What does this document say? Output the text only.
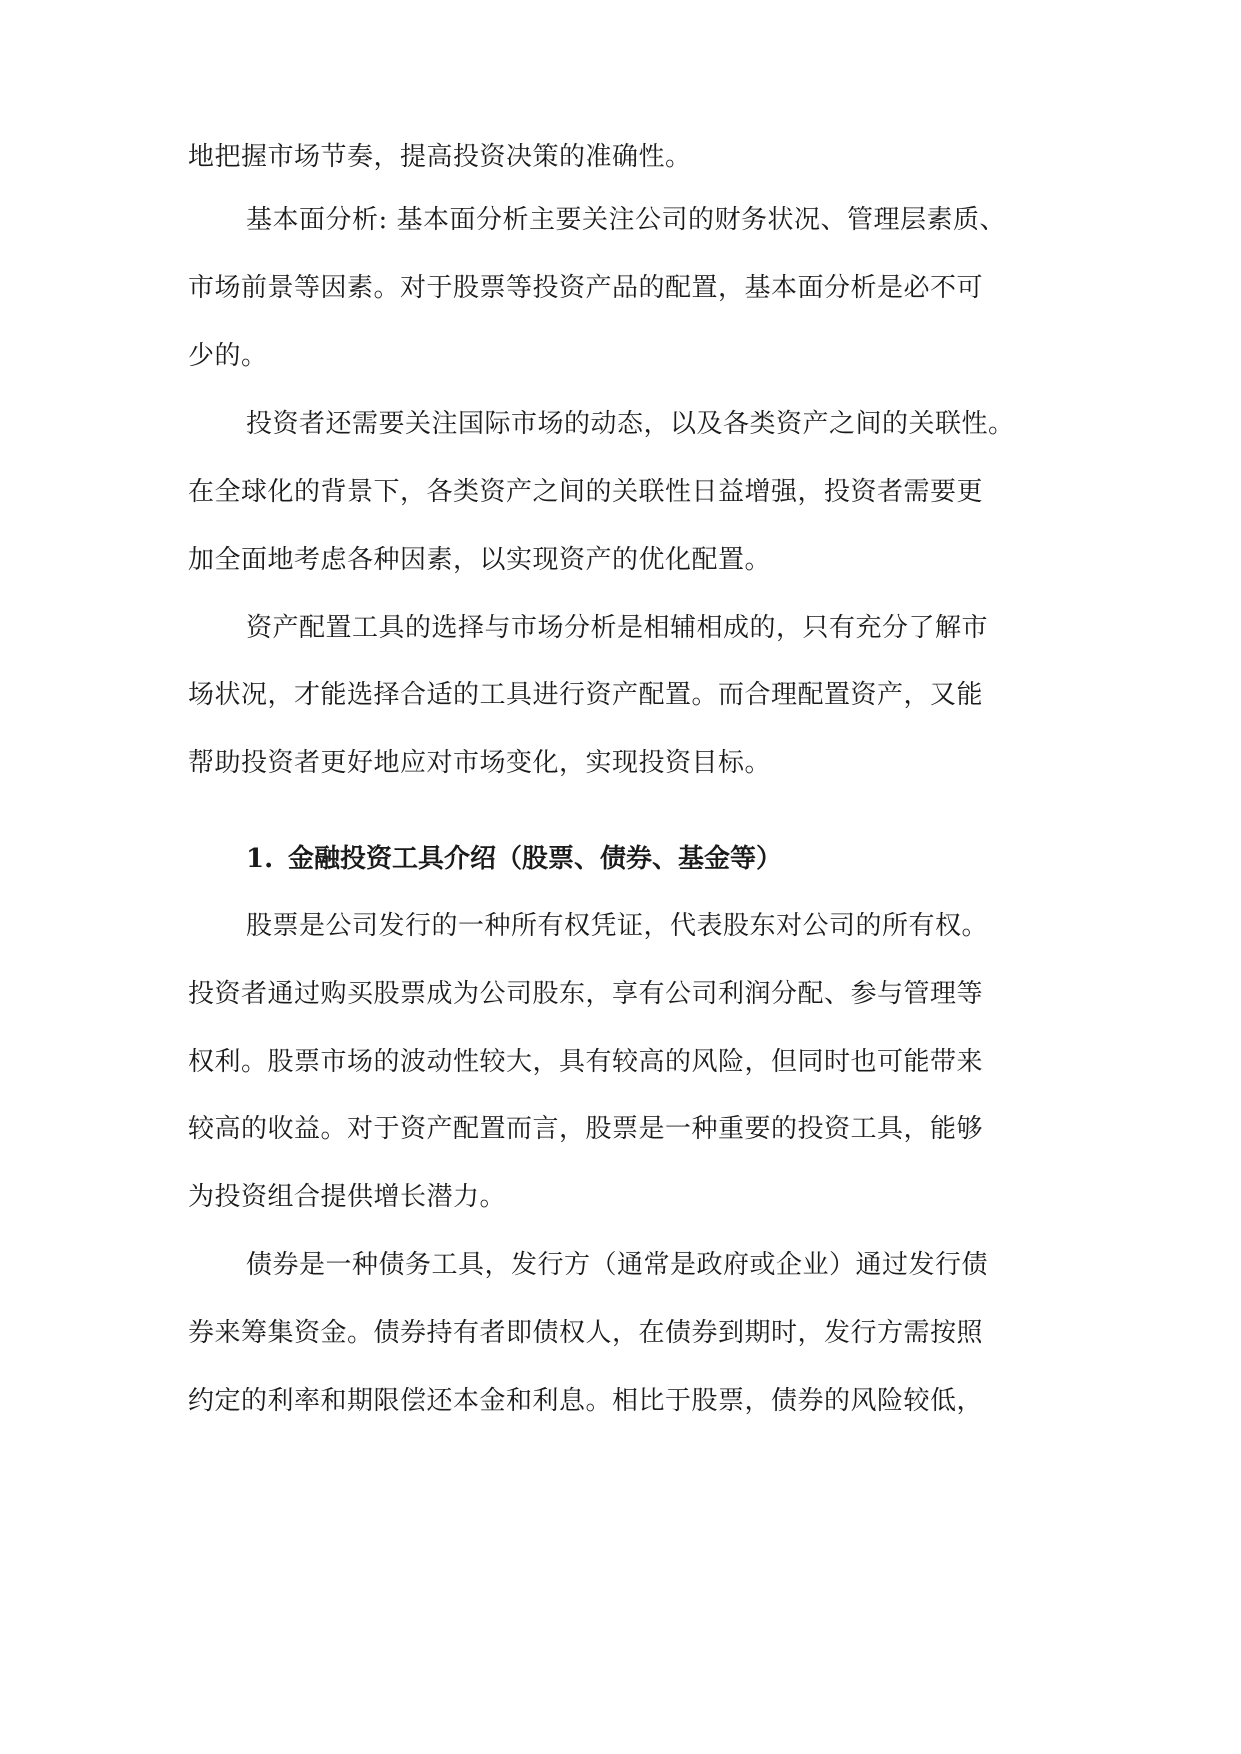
地把握市场节奏，提高投资决策的准确性。
基本面分析: 基本面分析主要关注公司的财务状况、管理层素质、
市场前景等因素。对于股票等投资产品的配置，基本面分析是必不可
少的。
投资者还需要关注国际市场的动态，以及各类资产之间的关联性。
在全球化的背景下，各类资产之间的关联性日益增强，投资者需要更
加全面地考虑各种因素，以实现资产的优化配置。
资产配置工具的选择与市场分析是相辅相成的，只有充分了解市
场状况，才能选择合适的工具进行资产配置。而合理配置资产，又能
帮助投资者更好地应对市场变化，实现投资目标。
1. 金融投资工具介绍（股票、债券、基金等）
股票是公司发行的一种所有权凭证，代表股东对公司的所有权。
投资者通过购买股票成为公司股东，享有公司利润分配、参与管理等
权利。股票市场的波动性较大，具有较高的风险，但同时也可能带来
较高的收益。对于资产配置而言，股票是一种重要的投资工具，能够
为投资组合提供增长潜力。
债券是一种债务工具，发行方（通常是政府或企业）通过发行债
券来筹集资金。债券持有者即债权人，在债券到期时，发行方需按照
约定的利率和期限偿还本金和利息。相比于股票，债券的风险较低，
